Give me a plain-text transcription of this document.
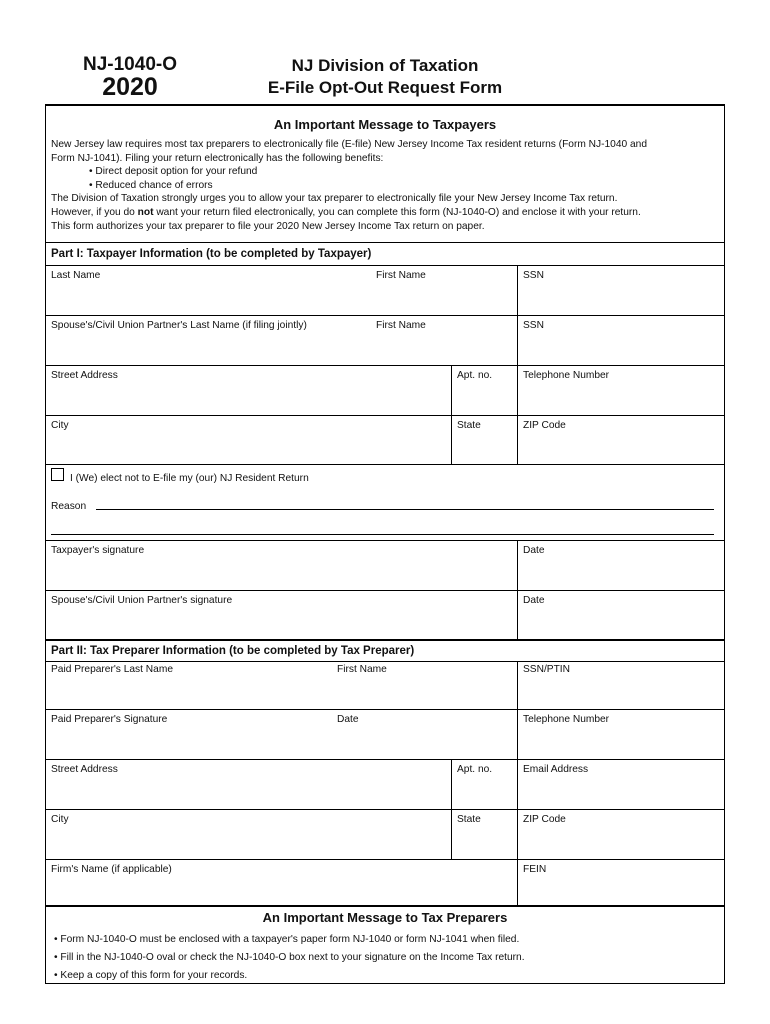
NJ-1040-O
2020
NJ Division of Taxation
E-File Opt-Out Request Form
An Important Message to Taxpayers

New Jersey law requires most tax preparers to electronically file (E-file) New Jersey Income Tax resident returns (Form NJ-1040 and

Form NJ-1041). Filing your return electronically has the following benefits:

• Direct deposit option for your refund

• Reduced chance of errors

The Division of Taxation strongly urges you to allow your tax preparer to electronically file your New Jersey Income Tax return.

However, if you do not want your return filed electronically, you can complete this form (NJ-1040-O) and enclose it with your return.

This form authorizes your tax preparer to file your 2020 New Jersey Income Tax return on paper.

Part I: Taxpayer Information (to be completed by Taxpayer)
Last Name	First Name	SSN
Spouse's/Civil Union Partner's Last Name (if filing jointly)	First Name	SSN
Street Address	Apt. no.	Telephone Number
City	State	ZIP Code
I (We) elect not to E-file my (our) NJ Resident Return
Reason
Taxpayer's signature	Date
Spouse's/Civil Union Partner's signature	Date
Part II: Tax Preparer Information (to be completed by Tax Preparer)
Paid Preparer's Last Name	First Name	SSN/PTIN
Paid Preparer's Signature	Date	Telephone Number
Street Address	Apt. no.	Email Address
City	State	ZIP Code
Firm's Name (if applicable)	FEIN
An Important Message to Tax Preparers
• Form NJ-1040-O must be enclosed with a taxpayer's paper form NJ-1040 or form NJ-1041 when filed.
• Fill in the NJ-1040-O oval or check the NJ-1040-O box next to your signature on the Income Tax return.
• Keep a copy of this form for your records.
